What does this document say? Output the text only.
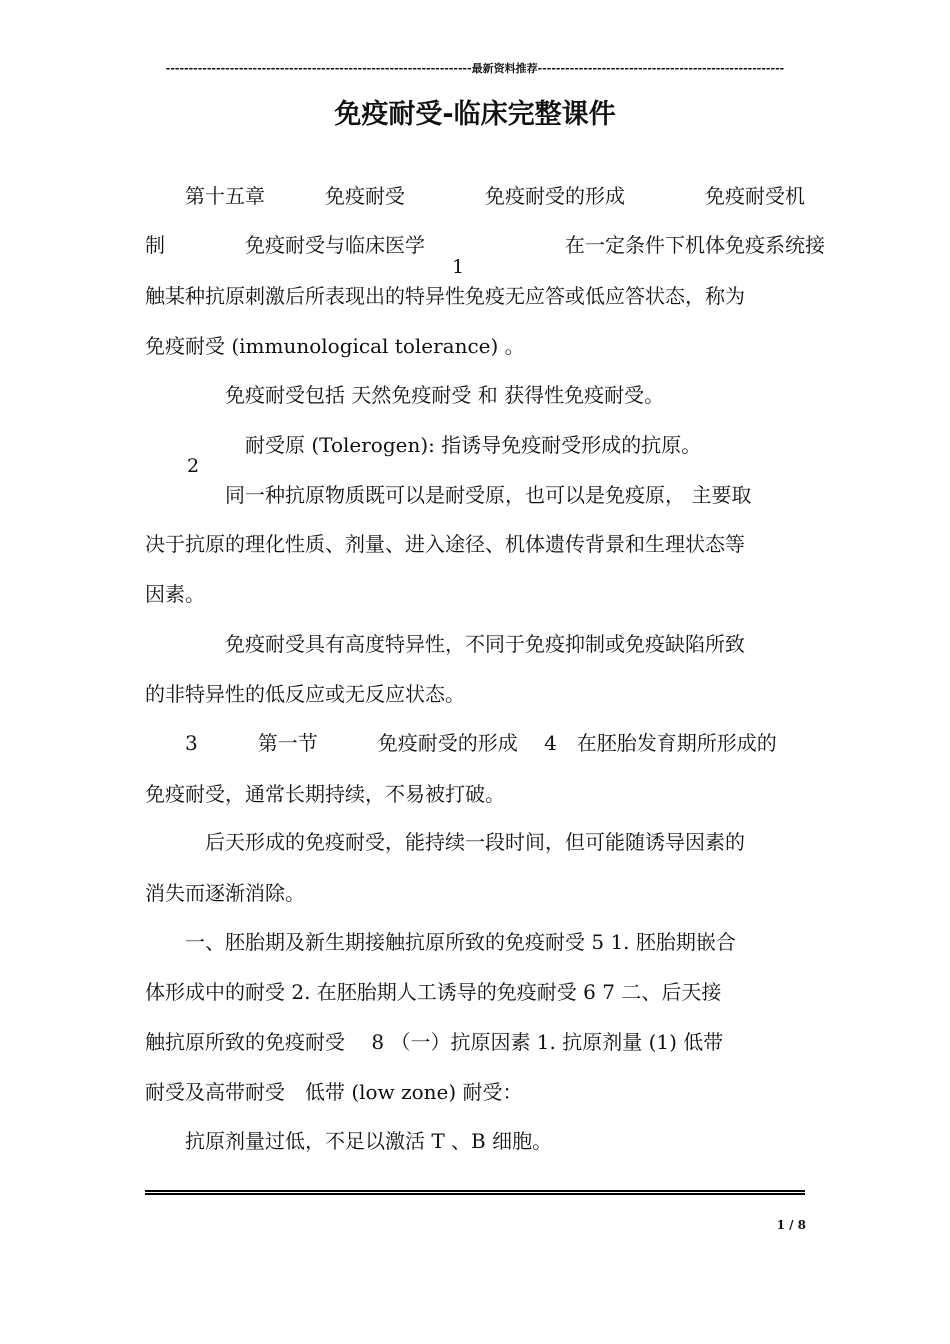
-------------------------------------------------------------------最新资料推荐------------------------------------------------------
免疫耐受-临床完整课件
　　第十五章　　　免疫耐受　　　　免疫耐受的形成　　　　免疫耐受机
制　　　　免疫耐受与临床医学　　　　　　　在一定条件下机体免疫系统接
触某种抗原刺激后所表现出的特异性免疫无应答或低应答状态，称为
免疫耐受 (immunological tolerance) 。
　　　　免疫耐受包括 天然免疫耐受 和 获得性免疫耐受。
　　　　　耐受原 (Tolerogen): 指诱导免疫耐受形成的抗原。
　　　　同一种抗原物质既可以是耐受原，也可以是免疫原， 主要取
决于抗原的理化性质、剂量、进入途径、机体遗传背景和生理状态等
因素。
　　　　免疫耐受具有高度特异性，不同于免疫抑制或免疫缺陷所致
的非特异性的低反应或无反应状态。
　　3　　　第一节　　　免疫耐受的形成　 4　在胚胎发育期所形成的
免疫耐受，通常长期持续，不易被打破。
　　　后天形成的免疫耐受，能持续一段时间，但可能随诱导因素的
消失而逐渐消除。
　　一、胚胎期及新生期接触抗原所致的免疫耐受 5 1. 胚胎期嵌合
体形成中的耐受 2. 在胚胎期人工诱导的免疫耐受 6 7 二、后天接
触抗原所致的免疫耐受　 8 （一）抗原因素 1. 抗原剂量 (1) 低带
耐受及高带耐受　低带 (low zone) 耐受：
　　抗原剂量过低，不足以激活 T 、B 细胞。
1
2
1 / 8
